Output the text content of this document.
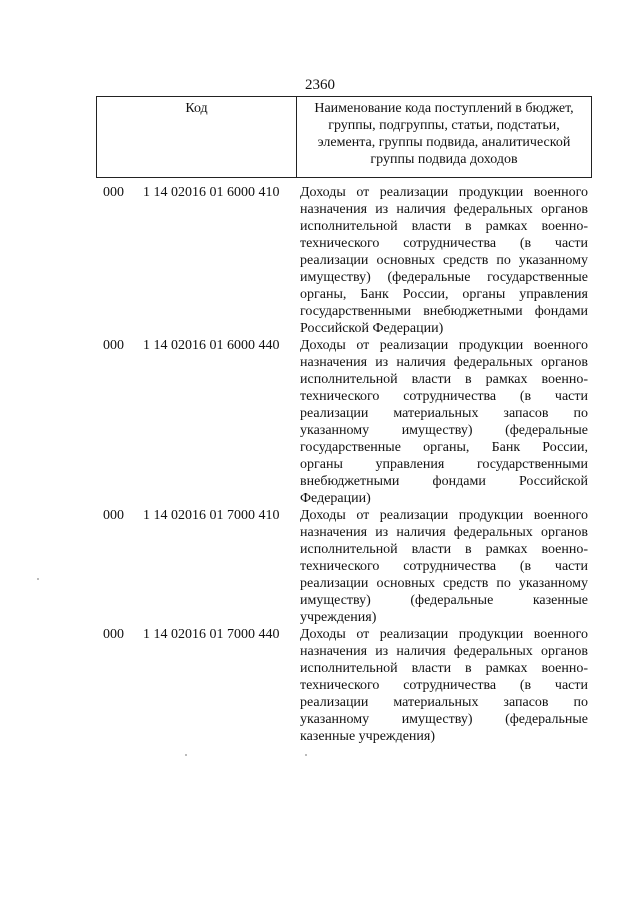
2360
Код	Наименование кода поступлений в бюджет,
группы, подгруппы, статьи, подстатьи,
элемента, группы подвида, аналитической
группы подвида доходов
000 1 14 02016 01 6000 410 Доходы от реализации продукции военного
назначения из наличия федеральных органов
исполнительной власти в рамках военно-
технического сотрудничества (в части
реализации основных средств по указанному
имуществу) (федеральные государственные
органы, Банк России, органы управления
государственными внебюджетными фондами
Российской Федерации)
000 1 14 02016 01 6000 440 Доходы от реализации продукции военного
назначения из наличия федеральных органов
исполнительной власти в рамках военно-
технического сотрудничества (в части
реализации материальных запасов по
указанному имуществу) (федеральные
государственные органы, Банк России,
органы управления государственными
внебюджетными фондами Российской
Федерации)
000 1 14 02016 01 7000 410 Доходы от реализации продукции военного
назначения из наличия федеральных органов
исполнительной власти в рамках военно-
технического сотрудничества (в части
реализации основных средств по указанному
имуществу) (федеральные казенные
учреждения)
000 1 14 02016 01 7000 440 Доходы от реализации продукции военного
назначения из наличия федеральных органов
исполнительной власти в рамках военно-
технического сотрудничества (в части
реализации материальных запасов по
указанному имуществу) (федеральные
казенные учреждения)
